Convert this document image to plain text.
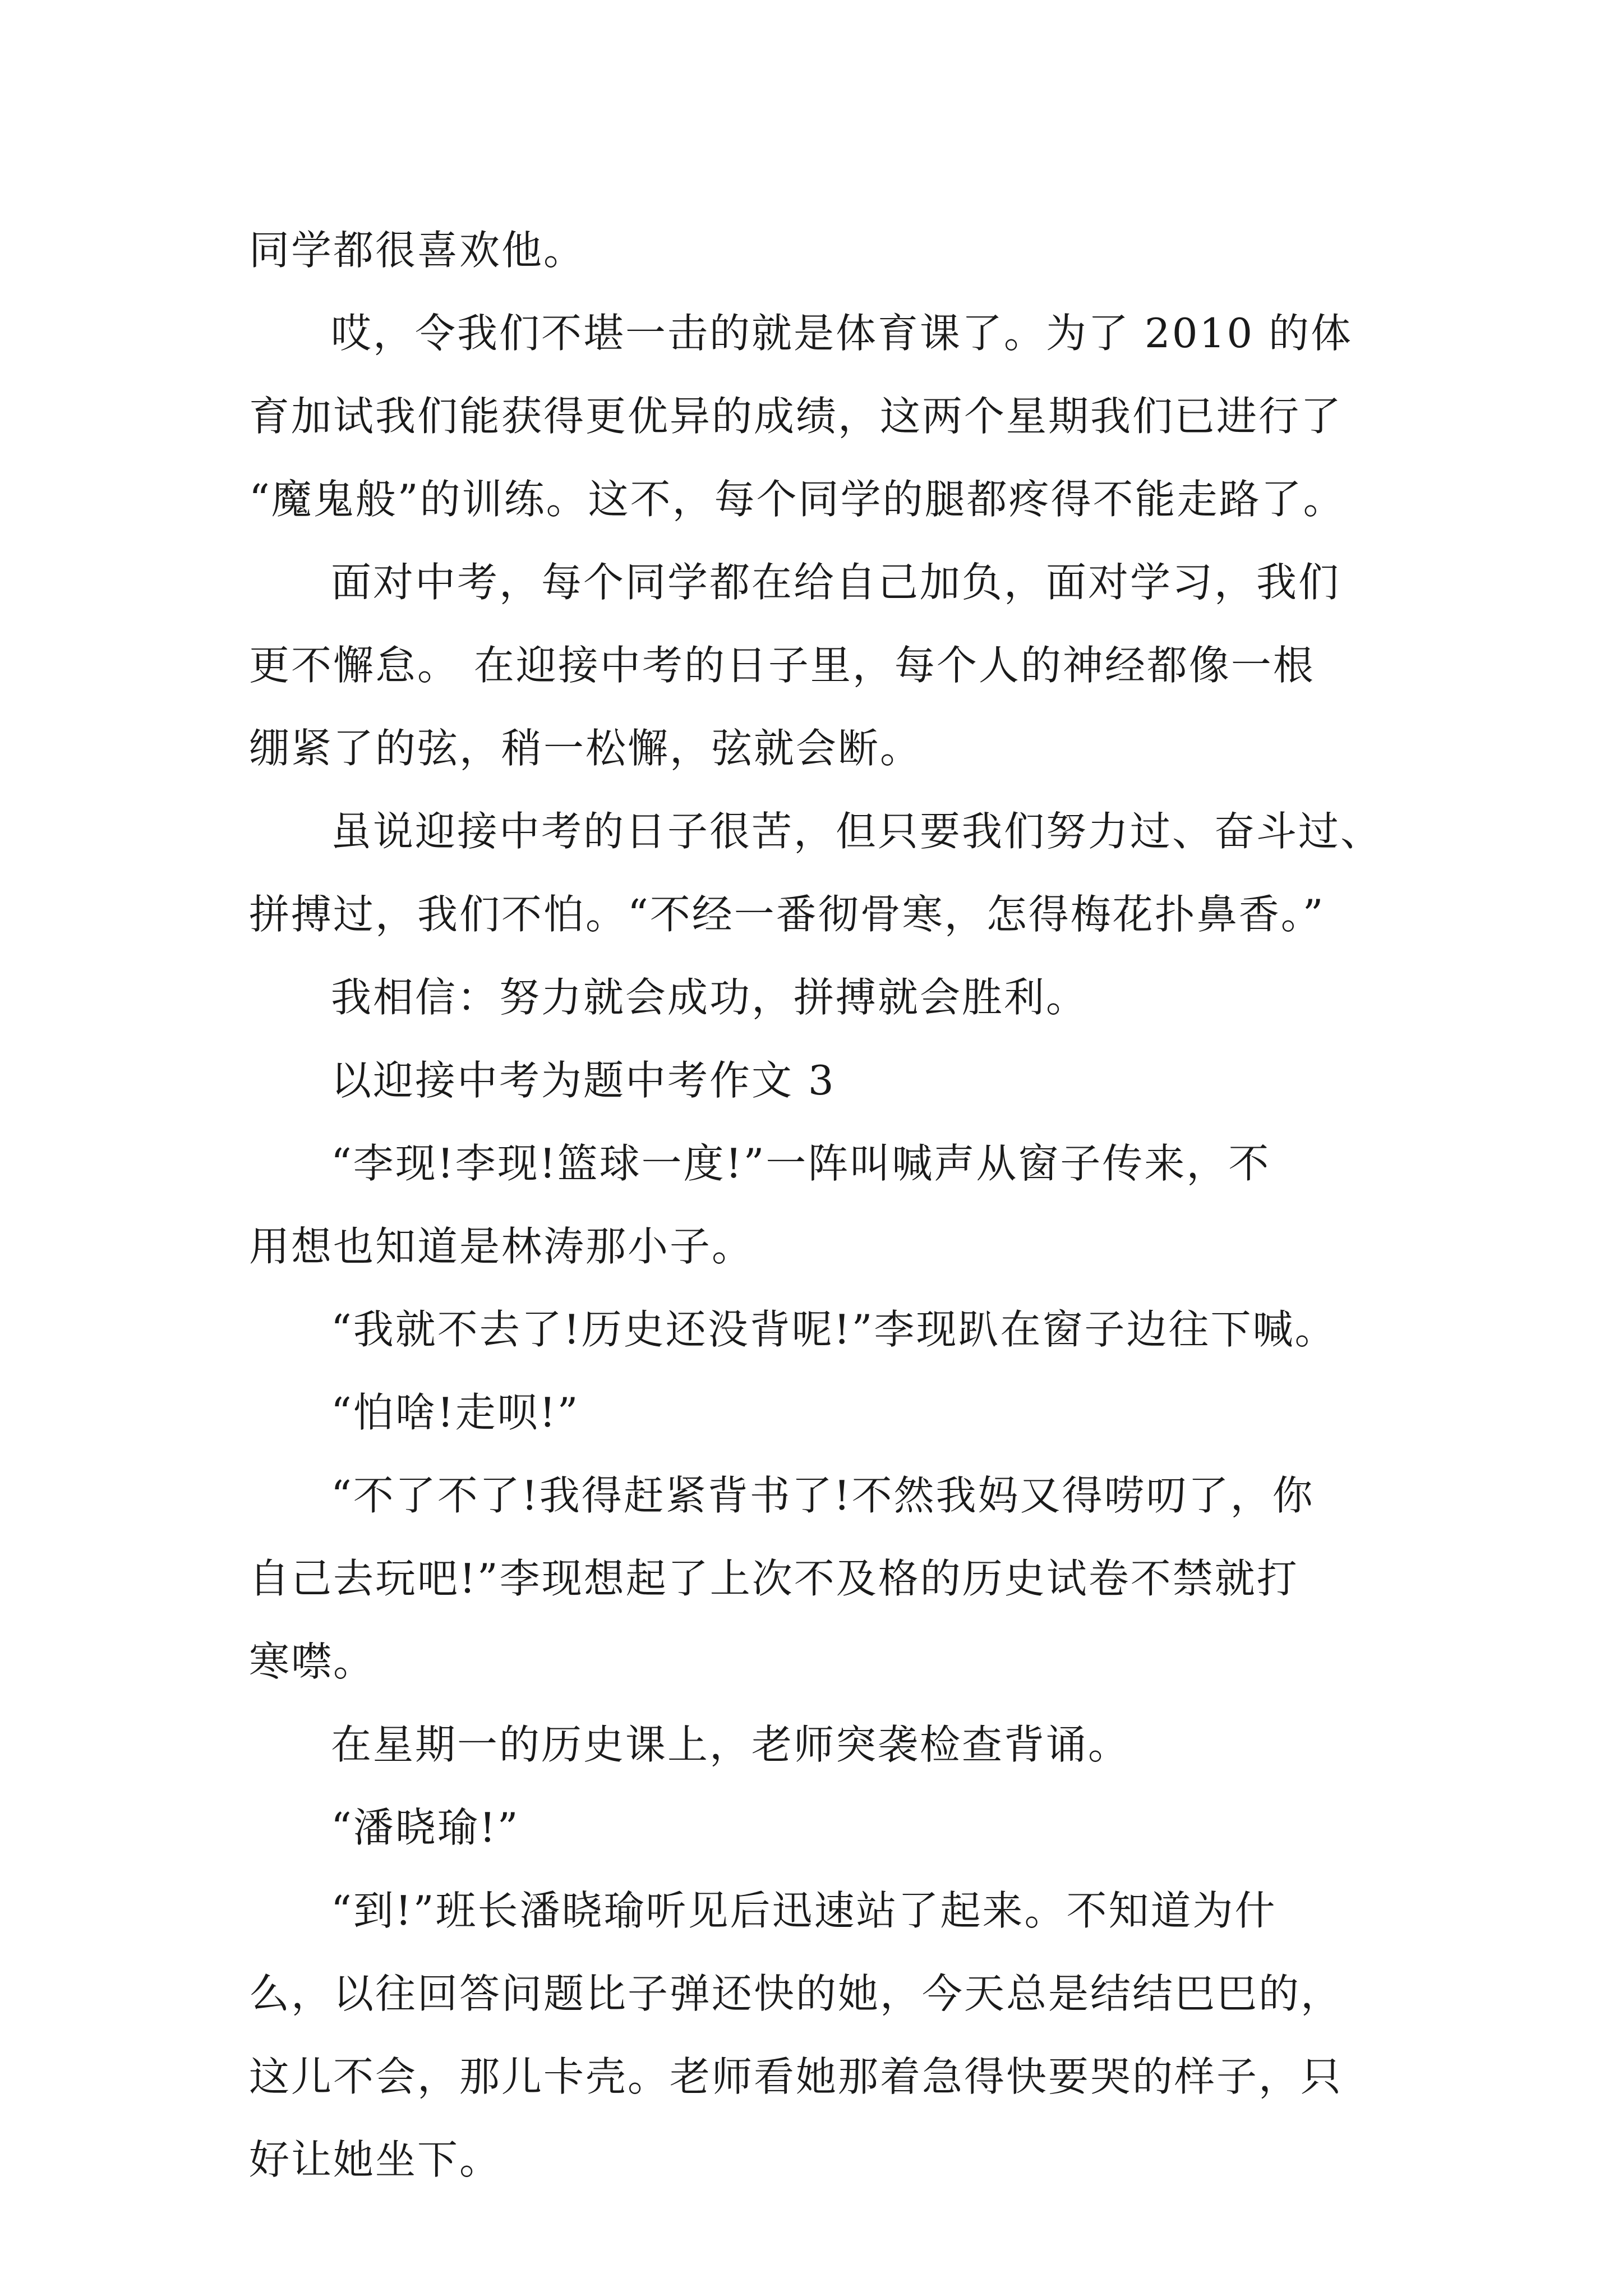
同学都很喜欢他。
哎，令我们不堪一击的就是体育课了。为了 2010 的体
育加试我们能获得更优异的成绩，这两个星期我们已进行了
“魔鬼般”的训练。这不，每个同学的腿都疼得不能走路了。
面对中考，每个同学都在给自己加负，面对学习，我们
更不懈怠。 在迎接中考的日子里，每个人的神经都像一根
绷紧了的弦，稍一松懈，弦就会断。
虽说迎接中考的日子很苦，但只要我们努力过、奋斗过、
拼搏过，我们不怕。“不经一番彻骨寒，怎得梅花扑鼻香。”
我相信：努力就会成功，拼搏就会胜利。
以迎接中考为题中考作文 3
“李现!李现!篮球一度!”一阵叫喊声从窗子传来，不
用想也知道是林涛那小子。
“我就不去了!历史还没背呢!”李现趴在窗子边往下喊。
“怕啥!走呗!”
“不了不了!我得赶紧背书了!不然我妈又得唠叨了，你
自己去玩吧!”李现想起了上次不及格的历史试卷不禁就打
寒噤。
在星期一的历史课上，老师突袭检查背诵。
“潘晓瑜!”
“到!”班长潘晓瑜听见后迅速站了起来。不知道为什
么，以往回答问题比子弹还快的她，今天总是结结巴巴的，
这儿不会，那儿卡壳。老师看她那着急得快要哭的样子，只
好让她坐下。
